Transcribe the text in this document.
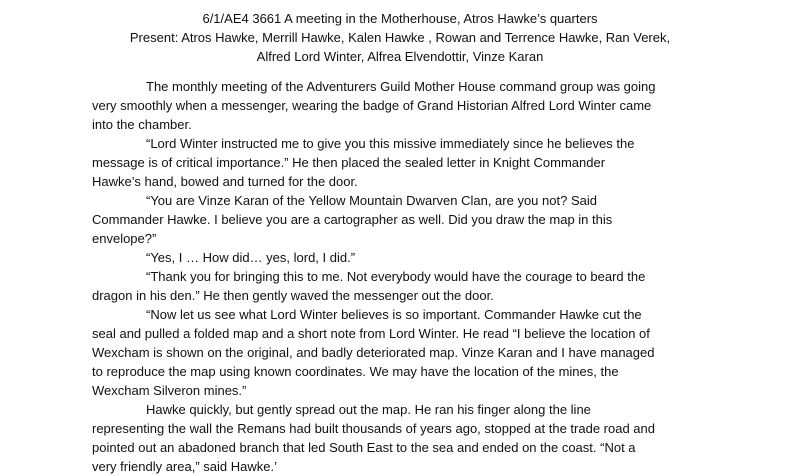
6/1/AE4 3661 A meeting in the Motherhouse, Atros Hawke’s quarters
Present: Atros Hawke, Merrill Hawke, Kalen Hawke , Rowan and Terrence Hawke, Ran Verek,
Alfred Lord Winter, Alfrea Elvendottir, Vinze Karan
The monthly meeting of the Adventurers Guild Mother House command group was going
very smoothly when a messenger, wearing the badge of Grand Historian Alfred Lord Winter came
into the chamber.
“Lord Winter instructed me to give you this missive immediately since he believes the
message is of critical importance.” He then placed the sealed letter in Knight Commander
Hawke’s hand, bowed and turned for the door.
“You are Vinze Karan of the Yellow Mountain Dwarven Clan, are you not? Said
Commander Hawke. I believe you are a cartographer as well. Did you draw the map in this
envelope?”
“Yes, I … How did… yes, lord, I did.”
“Thank you for bringing this to me. Not everybody would have the courage to beard the
dragon in his den.” He then gently waved the messenger out the door.
“Now let us see what Lord Winter believes is so important. Commander Hawke cut the
seal and pulled a folded map and a short note from Lord Winter. He read “I believe the location of
Wexcham is shown on the original, and badly deteriorated map. Vinze Karan and I have managed
to reproduce the map using known coordinates. We may have the location of the mines, the
Wexcham Silveron mines.”
Hawke quickly, but gently spread out the map. He ran his finger along the line
representing the wall the Remans had built thousands of years ago, stopped at the trade road and
pointed out an abadoned branch that led South East to the sea and ended on the coast. “Not a
very friendly area,” said Hawke.’
